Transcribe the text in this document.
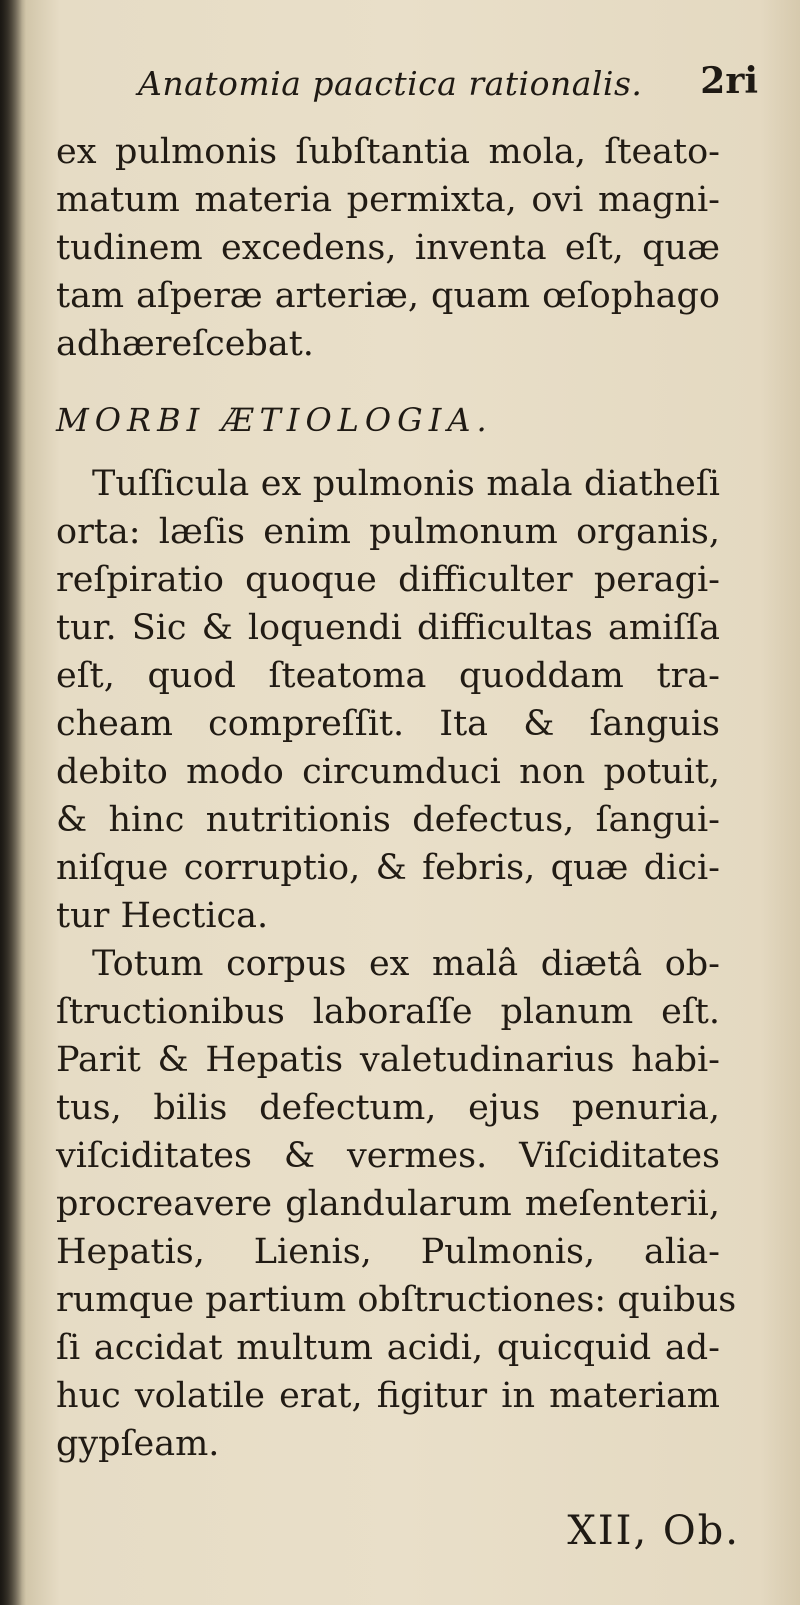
Anatomia paactica rationalis. 2ri
ex pulmonis ſubſtantia mola, ſteato-
matum materia permixta, ovi magni-
tudinem excedens, inventa eſt, quæ
tam aſperæ arteriæ, quam œſophago
adhæreſcebat.
MORBI ÆTIOLOGIA.
Tuſſicula ex pulmonis mala diatheſi
orta: læſis enim pulmonum organis,
reſpiratio quoque difficulter peragi-
tur. Sic & loquendi difficultas amiſſa
eſt, quod ſteatoma quoddam tra-
cheam compreſſit. Ita & ſanguis
debito modo circumduci non potuit,
& hinc nutritionis defectus, ſangui-
niſque corruptio, & febris, quæ dici-
tur Hectica.
Totum corpus ex malâ diætâ ob-
ſtructionibus laboraſſe planum eſt.
Parit & Hepatis valetudinarius habi-
tus, bilis defectum, ejus penuria,
viſciditates & vermes. Viſciditates
procreavere glandularum meſenterii,
Hepatis, Lienis, Pulmonis, alia-
rumque partium obſtructiones: quibus
ſi accidat multum acidi, quicquid ad-
huc volatile erat, figitur in materiam
gypſeam.
XII, Ob.
